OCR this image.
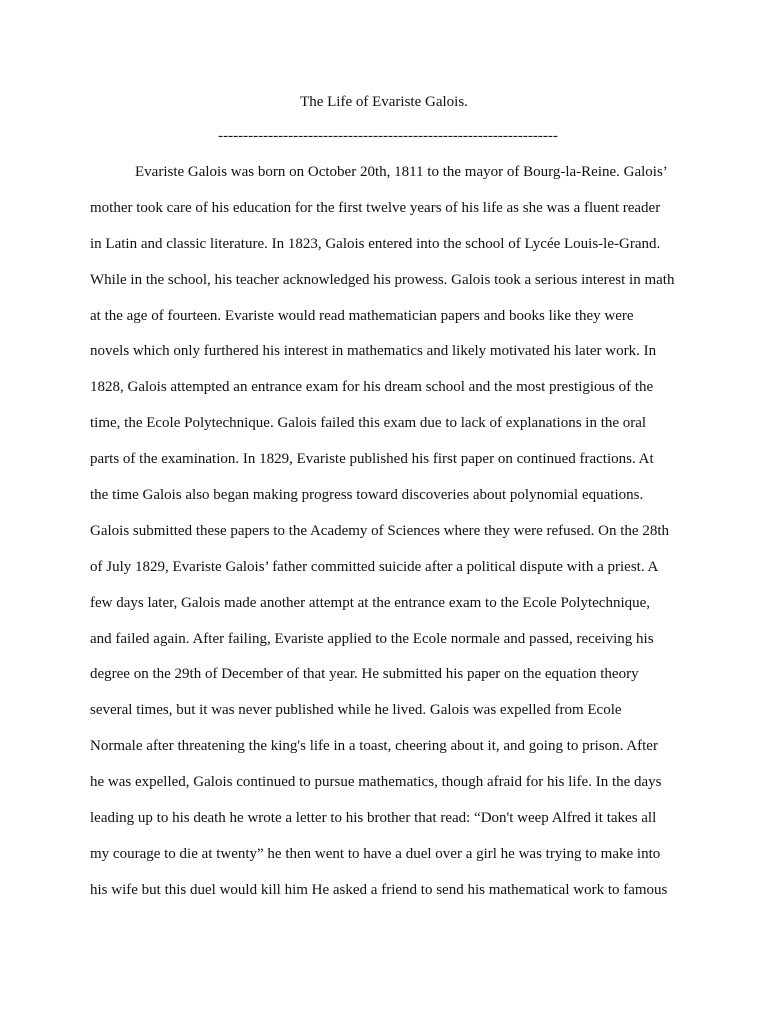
The Life of Evariste Galois.
--------------------------------------------------------------------
Evariste Galois was born on October 20th, 1811 to the mayor of Bourg-la-Reine. Galois’
mother took care of his education for the first twelve years of his life as she was a fluent reader
in Latin and classic literature. In 1823, Galois entered into the school of Lycée Louis-le-Grand.
While in the school, his teacher acknowledged his prowess. Galois took a serious interest in math
at the age of fourteen. Evariste would read mathematician papers and books like they were
novels which only furthered his interest in mathematics and likely motivated his later work. In
1828, Galois attempted an entrance exam for his dream school and the most prestigious of the
time, the Ecole Polytechnique. Galois failed this exam due to lack of explanations in the oral
parts of the examination. In 1829, Evariste published his first paper on continued fractions. At
the time Galois also began making progress toward discoveries about polynomial equations.
Galois submitted these papers to the Academy of Sciences where they were refused. On the 28th
of July 1829, Evariste Galois’ father committed suicide after a political dispute with a priest. A
few days later, Galois made another attempt at the entrance exam to the Ecole Polytechnique,
and failed again. After failing, Evariste applied to the Ecole normale and passed, receiving his
degree on the 29th of December of that year. He submitted his paper on the equation theory
several times, but it was never published while he lived. Galois was expelled from Ecole
Normale after threatening the king's life in a toast, cheering about it, and going to prison. After
he was expelled, Galois continued to pursue mathematics, though afraid for his life. In the days
leading up to his death he wrote a letter to his brother that read: “Don't weep Alfred it takes all
my courage to die at twenty” he then went to have a duel over a girl he was trying to make into
his wife but this duel would kill him He asked a friend to send his mathematical work to famous
